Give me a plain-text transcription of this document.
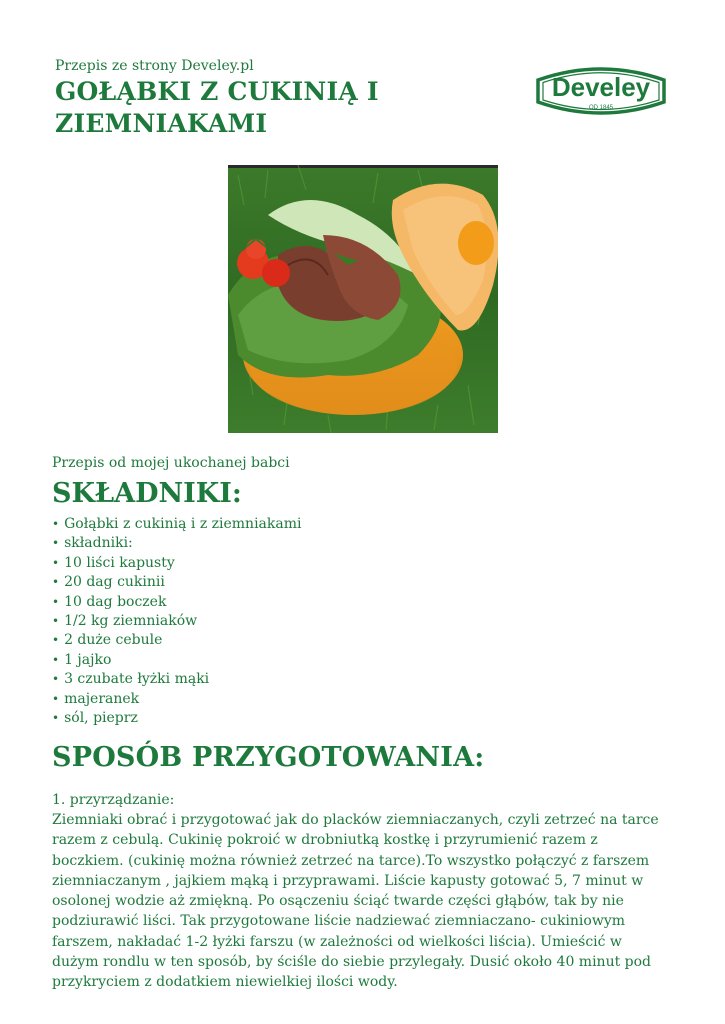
Przepis ze strony Develey.pl
GOŁĄBKI Z CUKINIĄ I ZIEMNIAKAMI
Develey
OD 1845
Przepis od mojej ukochanej babci
SKŁADNIKI:
• Gołąbki z cukinią i z ziemniakami
• składniki:
• 10 liści kapusty
• 20 dag cukinii
• 10 dag boczek
• 1/2 kg ziemniaków
• 2 duże cebule
• 1 jajko
• 3 czubate łyżki mąki
• majeranek
• sól, pieprz
SPOSÓB PRZYGOTOWANIA:
1. przyrządzanie:

Ziemniaki obrać i przygotować jak do placków ziemniaczanych, czyli zetrzeć na tarce razem z cebulą. Cukinię pokroić w drobniutką kostkę i przyrumienić razem z boczkiem. (cukinię można również zetrzeć na tarce).To wszystko połączyć z farszem ziemniaczanym , jajkiem mąką i przyprawami. Liście kapusty gotować 5, 7 minut w osolonej wodzie aż zmiękną. Po osączeniu ściąć twarde części głąbów, tak by nie podziurawić liści. Tak przygotowane liście nadziewać ziemniaczano- cukiniowym farszem, nakładać 1-2 łyżki farszu (w zależności od wielkości liścia). Umieścić w dużym rondlu w ten sposób, by ściśle do siebie przylegały. Dusić około 40 minut pod przykryciem z dodatkiem niewielkiej ilości wody.
